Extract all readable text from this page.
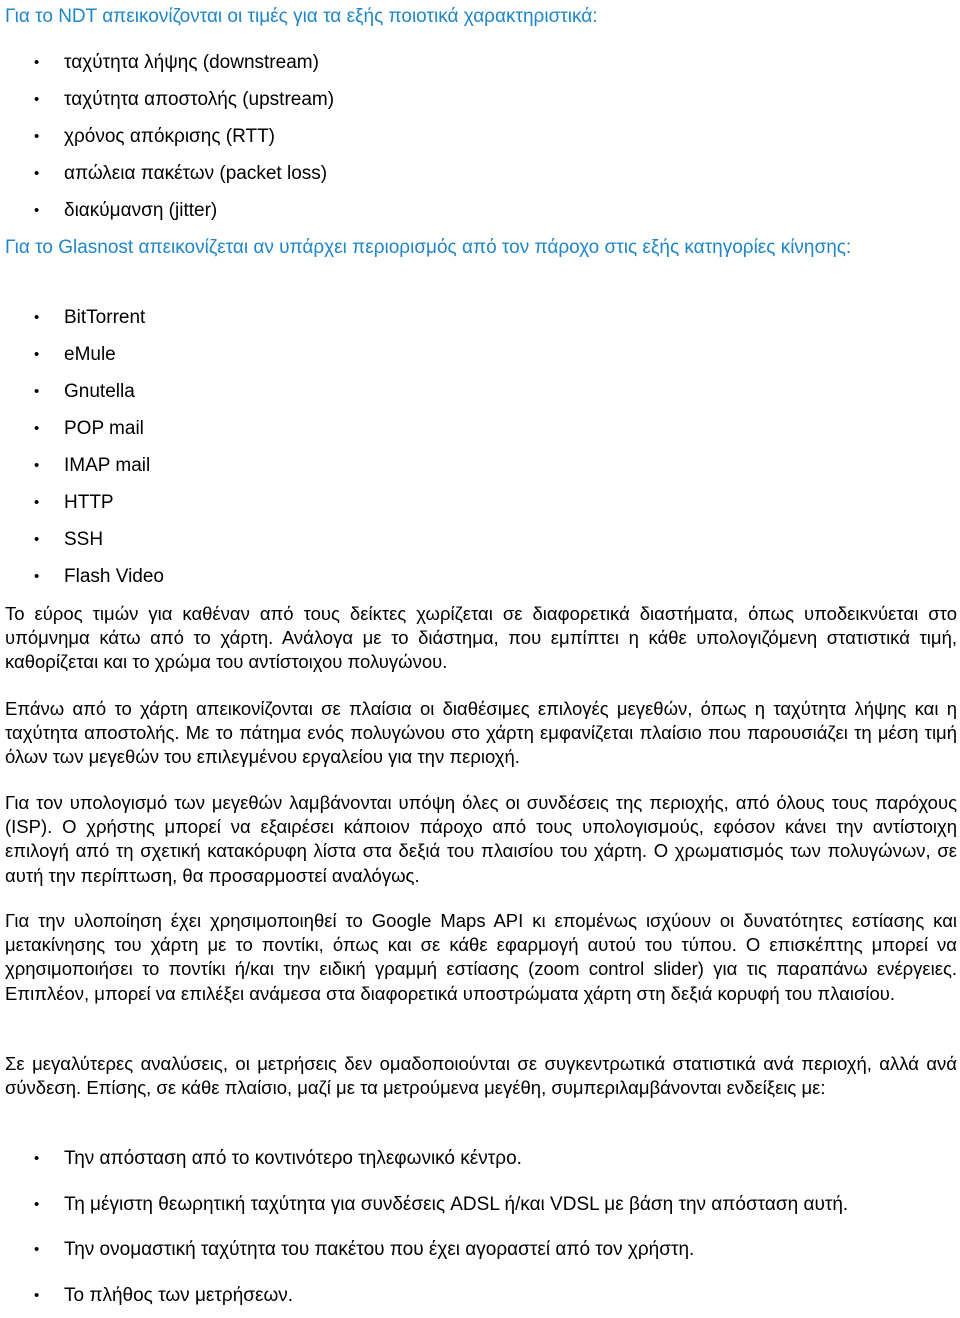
Για το NDT απεικονίζονται οι τιμές για τα εξής ποιοτικά χαρακτηριστικά:

• ταχύτητα λήψης (downstream)
• ταχύτητα αποστολής (upstream)
• χρόνος απόκρισης (RTT)
• απώλεια πακέτων (packet loss)
• διακύμανση (jitter)

Για το Glasnost απεικονίζεται αν υπάρχει περιορισμός από τον πάροχο στις εξής κατηγορίες κίνησης:

• BitTorrent
• eMule
• Gnutella
• POP mail
• IMAP mail
• HTTP
• SSH
• Flash Video

Το εύρος τιμών για καθέναν από τους δείκτες χωρίζεται σε διαφορετικά διαστήματα, όπως υποδεικνύεται στο υπόμνημα κάτω από το χάρτη. Ανάλογα με το διάστημα, που εμπίπτει η κάθε υπολογιζόμενη στατιστικά τιμή, καθορίζεται και το χρώμα του αντίστοιχου πολυγώνου.

Επάνω από το χάρτη απεικονίζονται σε πλαίσια οι διαθέσιμες επιλογές μεγεθών, όπως η ταχύτητα λήψης και η ταχύτητα αποστολής. Με το πάτημα ενός πολυγώνου στο χάρτη εμφανίζεται πλαίσιο που παρουσιάζει τη μέση τιμή όλων των μεγεθών του επιλεγμένου εργαλείου για την περιοχή.

Για τον υπολογισμό των μεγεθών λαμβάνονται υπόψη όλες οι συνδέσεις της περιοχής, από όλους τους παρόχους (ISP). Ο χρήστης μπορεί να εξαιρέσει κάποιον πάροχο από τους υπολογισμούς, εφόσον κάνει την αντίστοιχη επιλογή από τη σχετική κατακόρυφη λίστα στα δεξιά του πλαισίου του χάρτη. Ο χρωματισμός των πολυγώνων, σε αυτή την περίπτωση, θα προσαρμοστεί αναλόγως.

Για την υλοποίηση έχει χρησιμοποιηθεί το Google Maps API κι επομένως ισχύουν οι δυνατότητες εστίασης και μετακίνησης του χάρτη με το ποντίκι, όπως και σε κάθε εφαρμογή αυτού του τύπου. Ο επισκέπτης μπορεί να χρησιμοποιήσει το ποντίκι ή/και την ειδική γραμμή εστίασης (zoom control slider) για τις παραπάνω ενέργειες. Επιπλέον, μπορεί να επιλέξει ανάμεσα στα διαφορετικά υποστρώματα χάρτη στη δεξιά κορυφή του πλαισίου.

Σε μεγαλύτερες αναλύσεις, οι μετρήσεις δεν ομαδοποιούνται σε συγκεντρωτικά στατιστικά ανά περιοχή, αλλά ανά σύνδεση. Επίσης, σε κάθε πλαίσιο, μαζί με τα μετρούμενα μεγέθη, συμπεριλαμβάνονται ενδείξεις με:

• Την απόσταση από το κοντινότερο τηλεφωνικό κέντρο.
• Τη μέγιστη θεωρητική ταχύτητα για συνδέσεις ADSL ή/και VDSL με βάση την απόσταση αυτή.
• Την ονομαστική ταχύτητα του πακέτου που έχει αγοραστεί από τον χρήστη.
• Το πλήθος των μετρήσεων.
